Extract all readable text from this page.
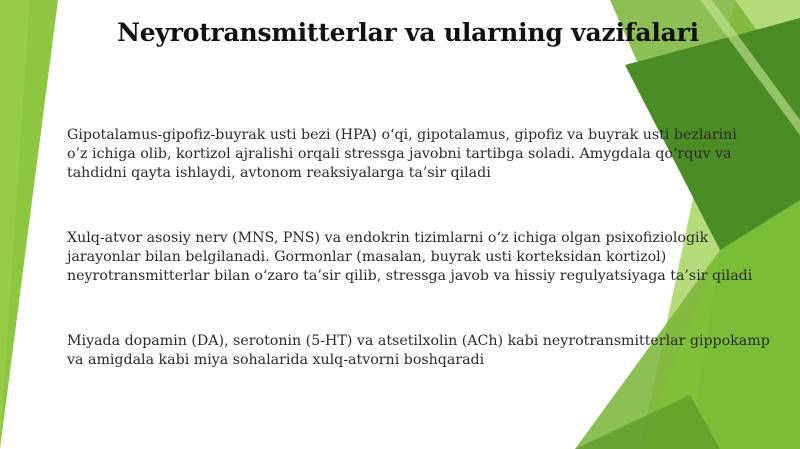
Neyrotransmitterlar va ularning vazifalari

Gipotalamus-gipofiz-buyrak usti bezi (HPA) o‘qi, gipotalamus, gipofiz va buyrak usti bezlarini
o’z ichiga olib, kortizol ajralishi orqali stressga javobni tartibga soladi. Amygdala qo‘rquv va
tahdidni qayta ishlaydi, avtonom reaksiyalarga ta’sir qiladi

Xulq-atvor asosiy nerv (MNS, PNS) va endokrin tizimlarni o‘z ichiga olgan psixofiziologik
jarayonlar bilan belgilanadi. Gormonlar (masalan, buyrak usti korteksidan kortizol)
neyrotransmitterlar bilan o‘zaro ta’sir qilib, stressga javob va hissiy regulyatsiyaga ta’sir qiladi

Miyada dopamin (DA), serotonin (5-HT) va atsetilxolin (ACh) kabi neyrotransmitterlar gippokamp
va amigdala kabi miya sohalarida xulq-atvorni boshqaradi
